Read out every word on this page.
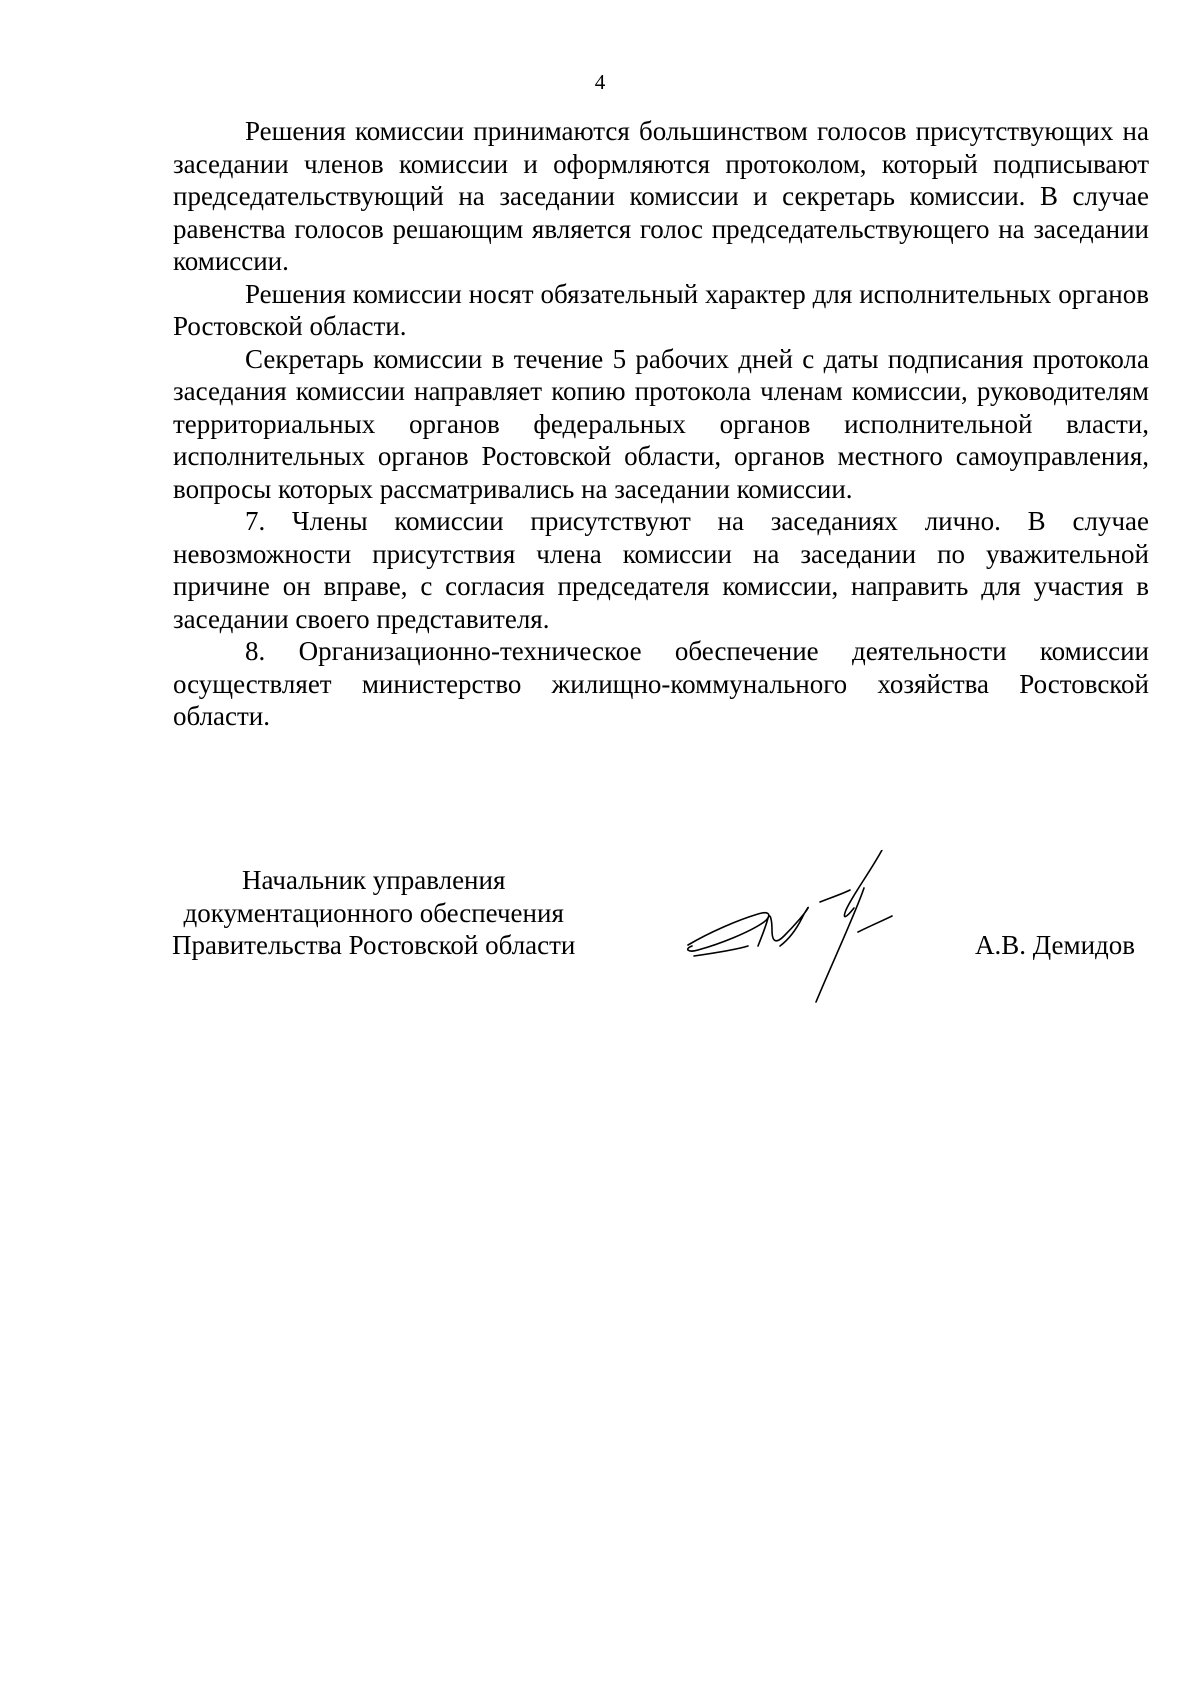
4

Решения комиссии принимаются большинством голосов присутствующих на заседании членов комиссии и оформляются протоколом, который подписывают председательствующий на заседании комиссии и секретарь комиссии. В случае равенства голосов решающим является голос председательствующего на заседании комиссии.

Решения комиссии носят обязательный характер для исполнительных органов Ростовской области.

Секретарь комиссии в течение 5 рабочих дней с даты подписания протокола заседания комиссии направляет копию протокола членам комиссии, руководителям территориальных органов федеральных органов исполнительной власти, исполнительных органов Ростовской области, органов местного самоуправления, вопросы которых рассматривались на заседании комиссии.

7. Члены комиссии присутствуют на заседаниях лично. В случае невозможности присутствия члена комиссии на заседании по уважительной причине он вправе, с согласия председателя комиссии, направить для участия в заседании своего представителя.

8. Организационно-техническое обеспечение деятельности комиссии осуществляет министерство жилищно-коммунального хозяйства Ростовской области.

Начальник управления
документационного обеспечения
Правительства Ростовской области	А.В. Демидов
